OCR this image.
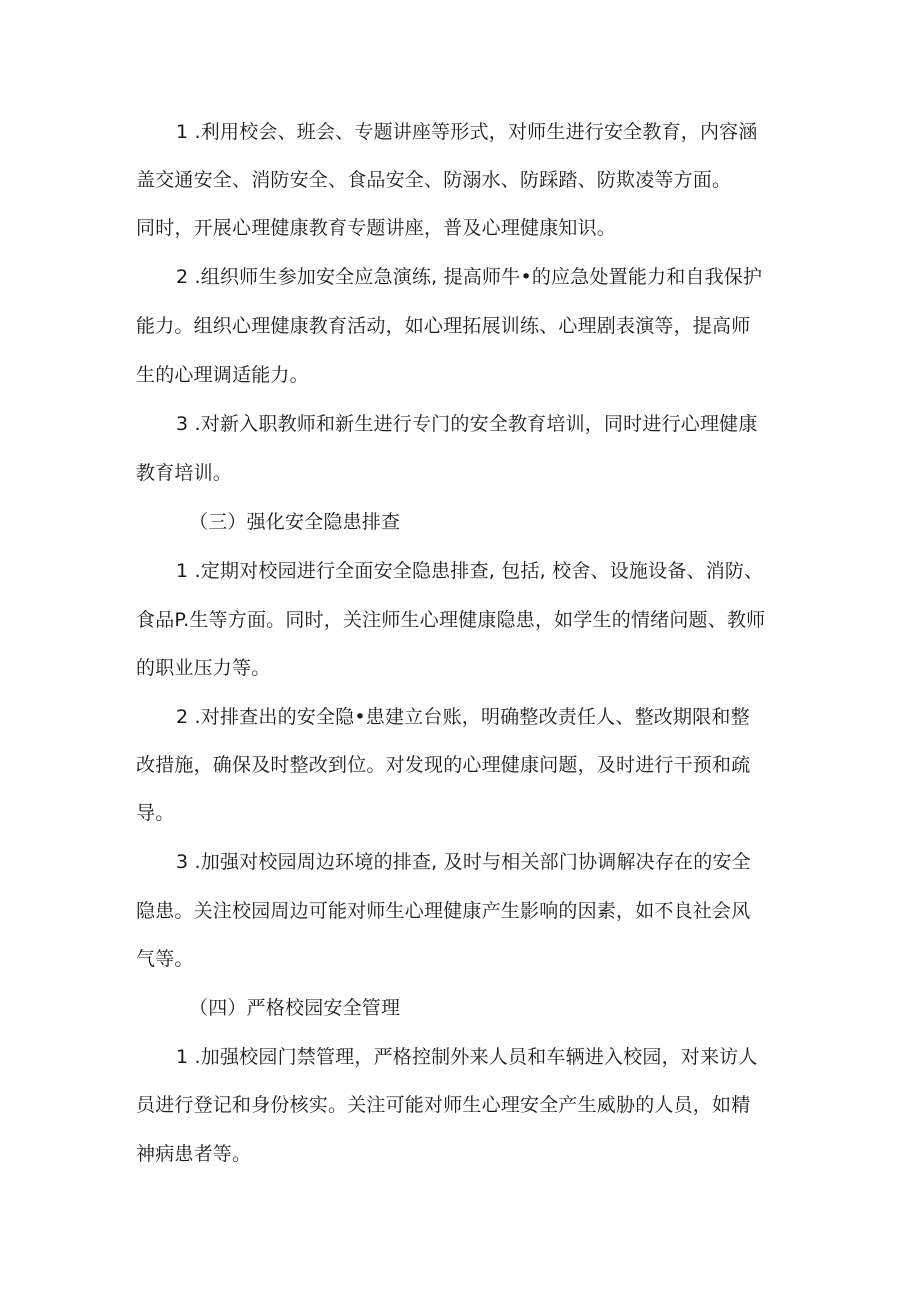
1 .利用校会、班会、专题讲座等形式，对师生进行安全教育，内容涵
盖交通安全、消防安全、食品安全、防溺水、防踩踏、防欺凌等方面。
同时，开展心理健康教育专题讲座，普及心理健康知识。
2 .组织师生参加安全应急演练, 提高师牛•的应急处置能力和自我保护
能力。组织心理健康教育活动，如心理拓展训练、心理剧表演等，提高师
生的心理调适能力。
3 .对新入职教师和新生进行专门的安全教育培训，同时进行心理健康
教育培训。
（三）强化安全隐患排查
1 .定期对校园进行全面安全隐患排查, 包括, 校舍、设施设备、消防、
食品P.生等方面。同时，关注师生心理健康隐患，如学生的情绪问题、教师
的职业压力等。
2 .对排查出的安全隐•患建立台账，明确整改责任人、整改期限和整
改措施，确保及时整改到位。对发现的心理健康问题，及时进行干预和疏
导。
3 .加强对校园周边环境的排查, 及时与相关部门协调解决存在的安全
隐患。关注校园周边可能对师生心理健康产生影响的因素，如不良社会风
气等。
（四）严格校园安全管理
1 .加强校园门禁管理，严格控制外来人员和车辆进入校园，对来访人
员进行登记和身份核实。关注可能对师生心理安全产生威胁的人员，如精
神病患者等。
